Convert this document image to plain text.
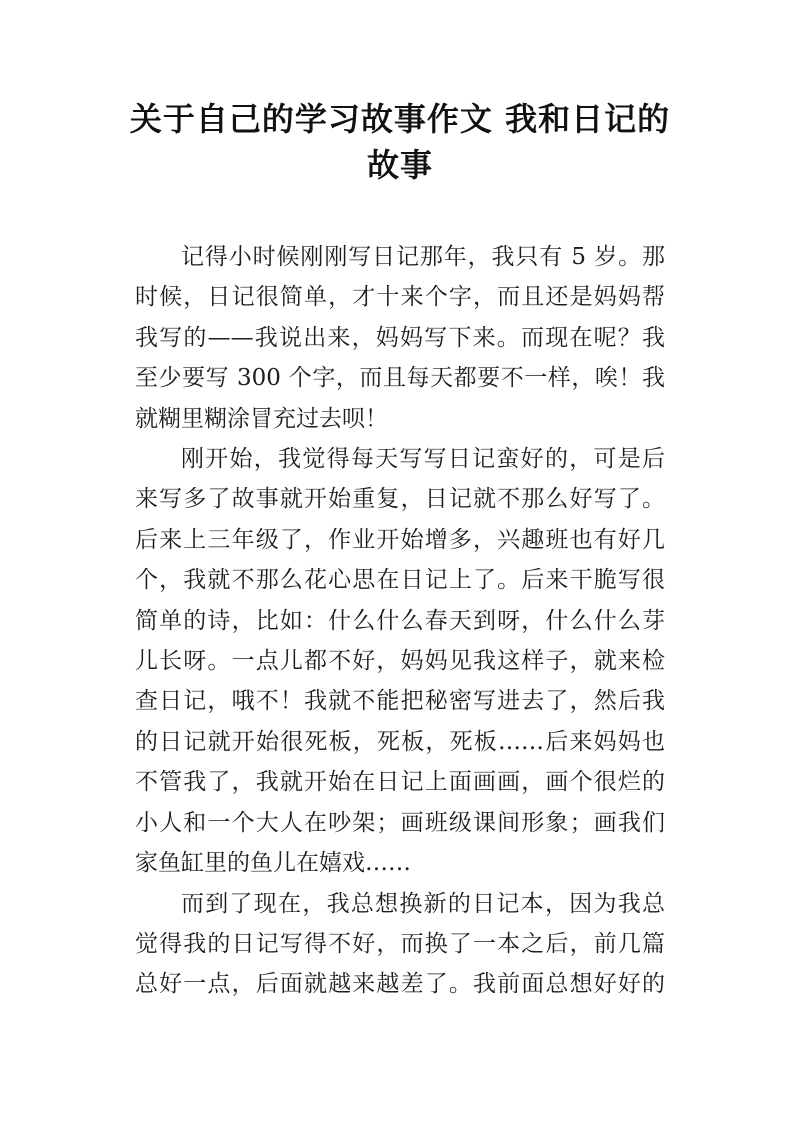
关于自己的学习故事作文 我和日记的
故事
记得小时候刚刚写日记那年，我只有 5 岁。那
时候，日记很简单，才十来个字，而且还是妈妈帮
我写的——我说出来，妈妈写下来。而现在呢？我
至少要写 300 个字，而且每天都要不一样，唉！我
就糊里糊涂冒充过去呗！
刚开始，我觉得每天写写日记蛮好的，可是后
来写多了故事就开始重复，日记就不那么好写了。
后来上三年级了，作业开始增多，兴趣班也有好几
个，我就不那么花心思在日记上了。后来干脆写很
简单的诗，比如：什么什么春天到呀，什么什么芽
儿长呀。一点儿都不好，妈妈见我这样子，就来检
查日记，哦不！我就不能把秘密写进去了，然后我
的日记就开始很死板，死板，死板……后来妈妈也
不管我了，我就开始在日记上面画画，画个很烂的
小人和一个大人在吵架；画班级课间形象；画我们
家鱼缸里的鱼儿在嬉戏……
而到了现在，我总想换新的日记本，因为我总
觉得我的日记写得不好，而换了一本之后，前几篇
总好一点，后面就越来越差了。我前面总想好好的
